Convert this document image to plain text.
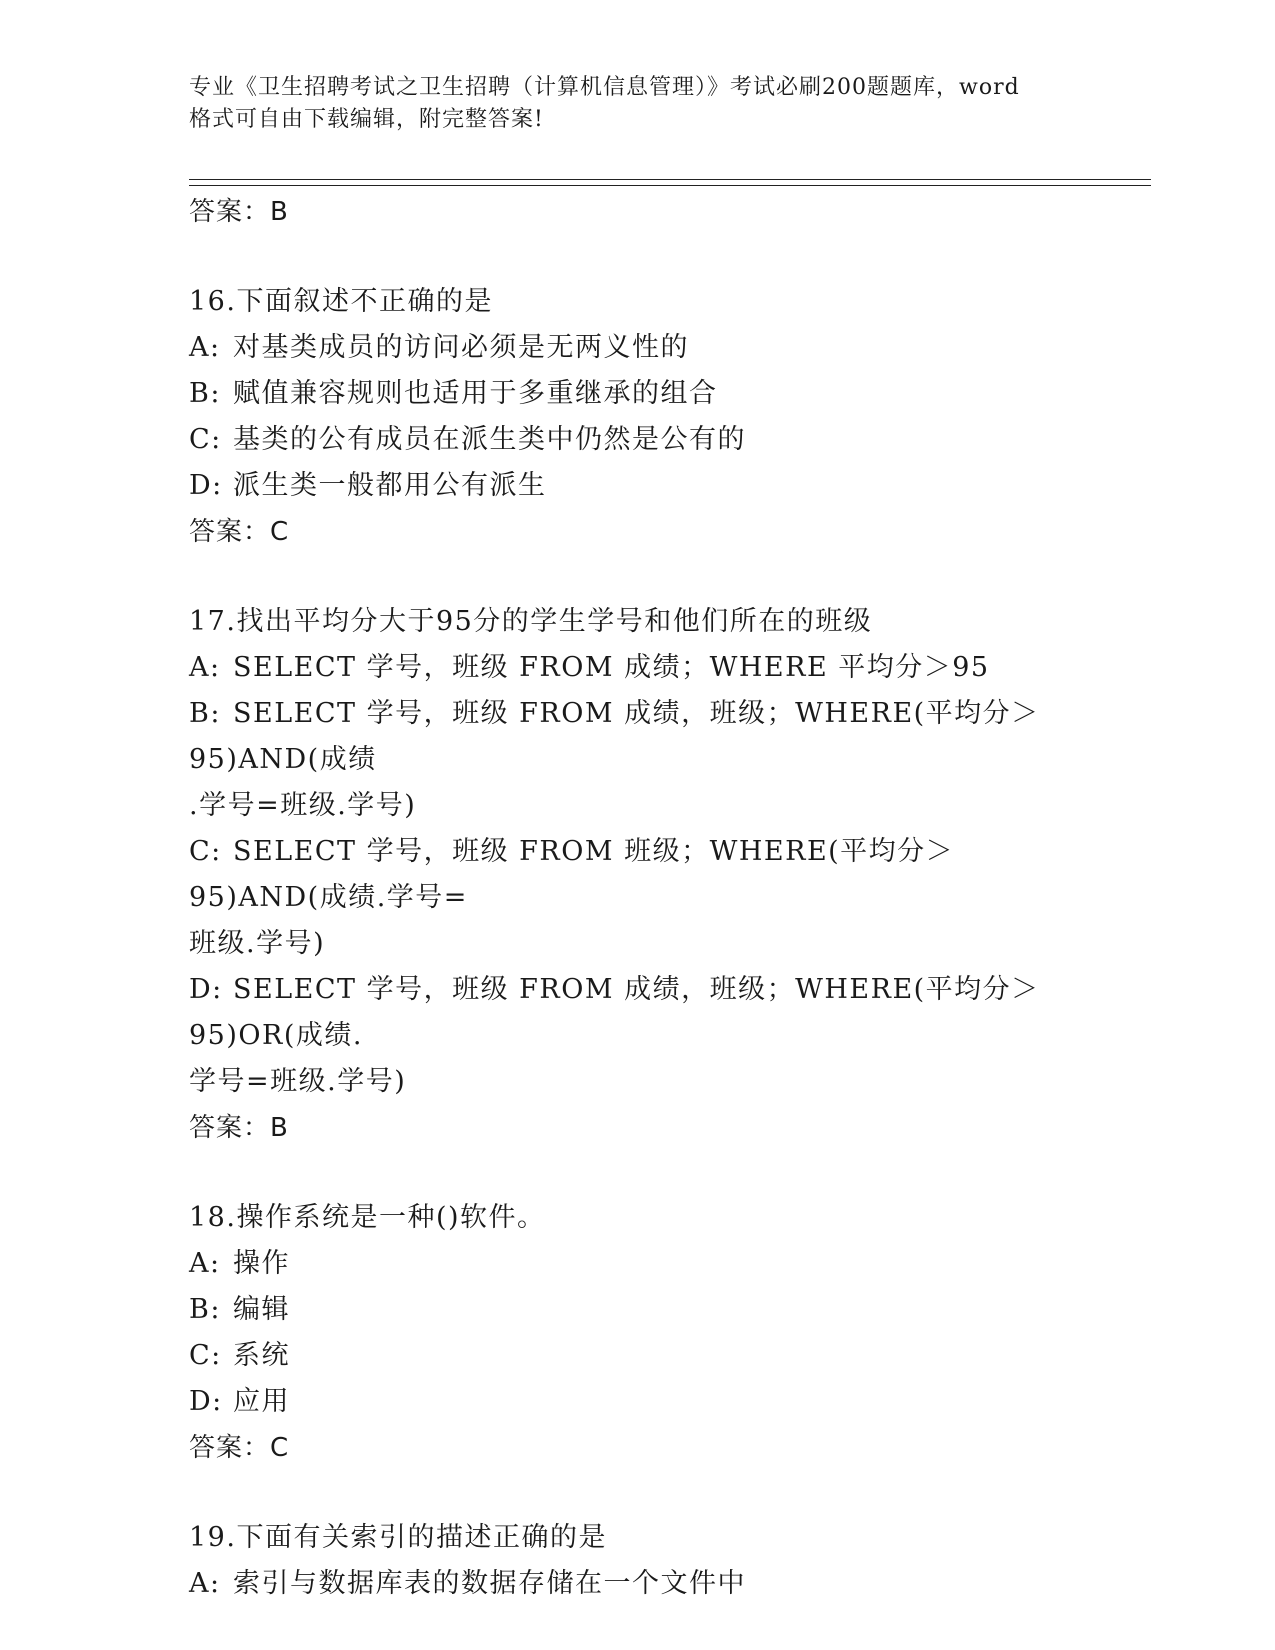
专业《卫生招聘考试之卫生招聘（计算机信息管理）》考试必刷200题题库，word
格式可自由下载编辑，附完整答案!
答案：B
16.下面叙述不正确的是
A: 对基类成员的访问必须是无两义性的
B: 赋值兼容规则也适用于多重继承的组合
C: 基类的公有成员在派生类中仍然是公有的
D: 派生类一般都用公有派生
答案：C
17.找出平均分大于95分的学生学号和他们所在的班级
A: SELECT 学号，班级 FROM 成绩；WHERE 平均分＞95
B: SELECT 学号，班级 FROM 成绩，班级；WHERE(平均分＞95)AND(成绩
.学号=班级.学号)
C: SELECT 学号，班级 FROM 班级；WHERE(平均分＞95)AND(成绩.学号=
班级.学号)
D: SELECT 学号，班级 FROM 成绩，班级；WHERE(平均分＞95)OR(成绩.
学号=班级.学号)
答案：B
18.操作系统是一种()软件。
A: 操作
B: 编辑
C: 系统
D: 应用
答案：C
19.下面有关索引的描述正确的是
A: 索引与数据库表的数据存储在一个文件中
